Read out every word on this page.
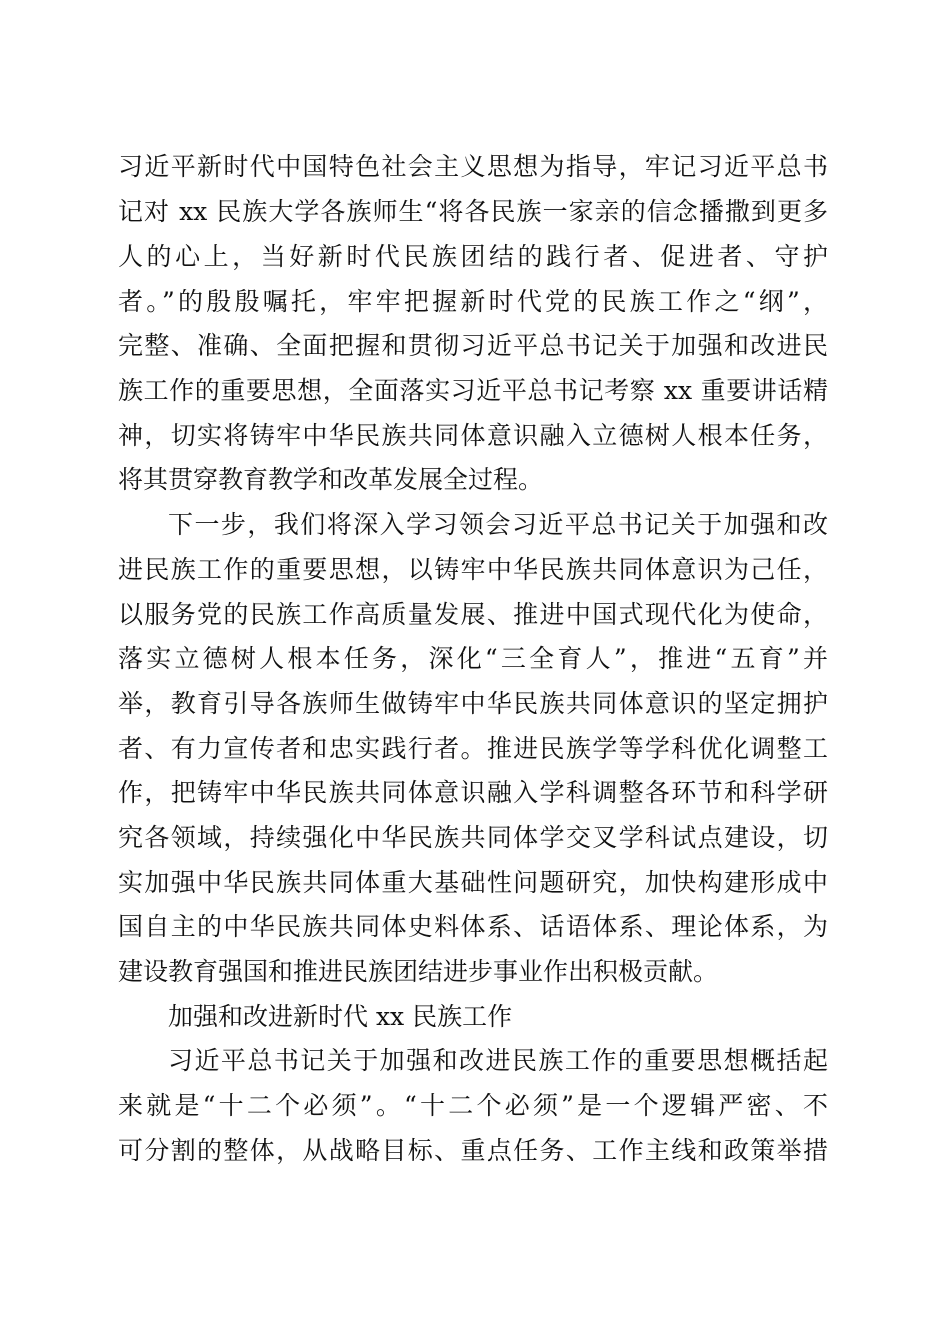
习近平新时代中国特色社会主义思想为指导，牢记习近平总书
记对 xx 民族大学各族师生“将各民族一家亲的信念播撒到更多
人的心上，当好新时代民族团结的践行者、促进者、守护
者。”的殷殷嘱托，牢牢把握新时代党的民族工作之“纲”，
完整、准确、全面把握和贯彻习近平总书记关于加强和改进民
族工作的重要思想，全面落实习近平总书记考察 xx 重要讲话精
神，切实将铸牢中华民族共同体意识融入立德树人根本任务，
将其贯穿教育教学和改革发展全过程。
下一步，我们将深入学习领会习近平总书记关于加强和改
进民族工作的重要思想，以铸牢中华民族共同体意识为己任，
以服务党的民族工作高质量发展、推进中国式现代化为使命，
落实立德树人根本任务，深化“三全育人”，推进“五育”并
举，教育引导各族师生做铸牢中华民族共同体意识的坚定拥护
者、有力宣传者和忠实践行者。推进民族学等学科优化调整工
作，把铸牢中华民族共同体意识融入学科调整各环节和科学研
究各领域，持续强化中华民族共同体学交叉学科试点建设，切
实加强中华民族共同体重大基础性问题研究，加快构建形成中
国自主的中华民族共同体史料体系、话语体系、理论体系，为
建设教育强国和推进民族团结进步事业作出积极贡献。
加强和改进新时代 xx 民族工作
习近平总书记关于加强和改进民族工作的重要思想概括起
来就是“十二个必须”。“十二个必须”是一个逻辑严密、不
可分割的整体，从战略目标、重点任务、工作主线和政策举措
